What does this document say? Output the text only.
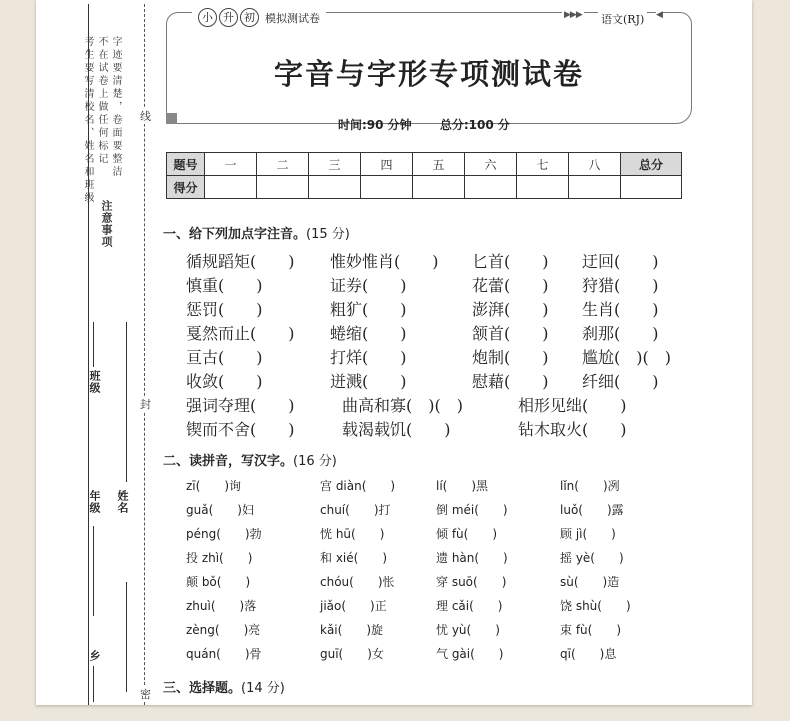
考生要写清校名、姓名和班级 不在试卷上做任何标记 字迹要清楚，卷面要整洁
注意事项
线
封
密
班级
年级 姓名
乡
小 升 初 模拟测试卷	▶▶▶ 语文(RJ)	◀
字音与字形专项测试卷
时间:90 分钟 总分:100 分
题号	一	二	三	四	五	六	七	八	总分
得分									
一、给下列加点字注音。(15 分)
循规蹈矩(　　) 惟妙惟肖(　　) 匕首(　　) 迂回(　　)
慎重(　　)	证券(　　)	花蕾(　　) 狩猎(　　)
惩罚(　　)	粗犷(　　)	澎湃(　　) 生肖(　　)
戛然而止(　　) 蜷缩(　　)	颔首(　　) 刹那(　　)
亘古(　　)	打烊(　　)	炮制(　　) 尴尬(　)(　)
收敛(　　)	迸溅(　　)	慰藉(　　) 纤细(　　)
强词夺理(　　)	曲高和寡(　)(　)	相形见绌(　　)
锲而不舍(　　)	载渴载饥(　　)	钻木取火(　　)
二、读拼音，写汉字。(16 分)
zī(　　)询	宫 diàn(　　)	lí(　　)黑	lǐn(　　)冽
guǎ(　　)妇	chuí(　　)打	倒 méi(　　)	luǒ(　　)露
péng(　　)勃	恍 hū(　　)	倾 fù(　　)	顾 jì(　　)
投 zhì(　　)	和 xié(　　)	遗 hàn(　　)	摇 yè(　　)
颠 bǒ(　　)	chóu(　　)怅	穿 suō(　　)	sù(　　)造
zhuì(　　)落	jiǎo(　　)正	理 cǎi(　　)	饶 shù(　　)
zèng(　　)亮	kǎi(　　)旋	忧 yù(　　)	束 fù(　　)
quán(　　)骨	guī(　　)女	气 gài(　　)	qī(　　)息
三、选择题。(14 分)
